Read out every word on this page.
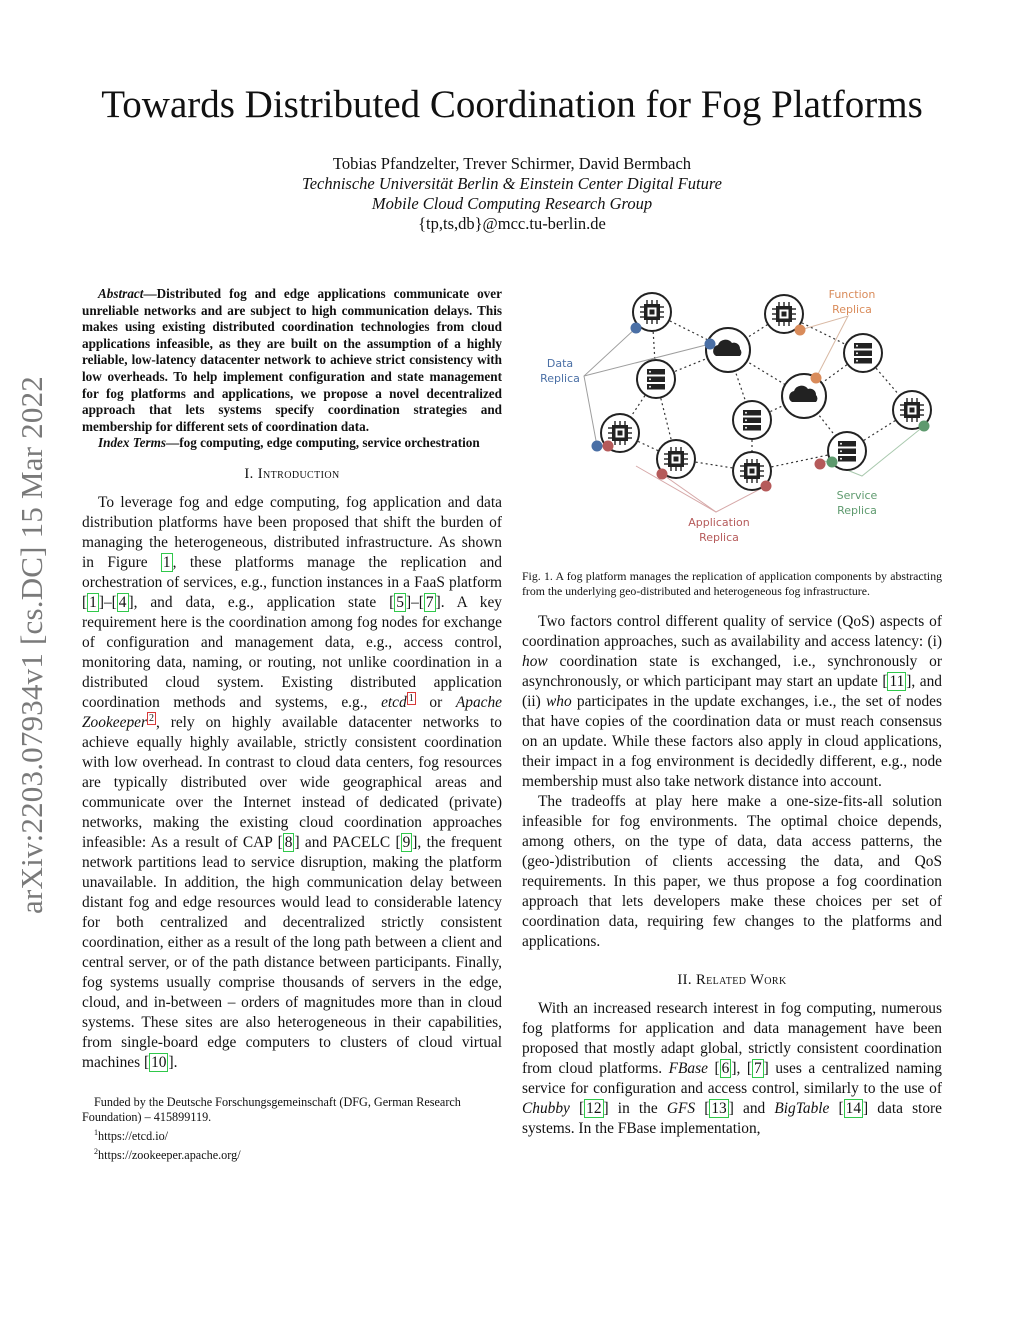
arXiv:2203.07934v1 [cs.DC] 15 Mar 2022
Towards Distributed Coordination for Fog Platforms
Tobias Pfandzelter, Trever Schirmer, David Bermbach
Technische Universität Berlin & Einstein Center Digital Future
Mobile Cloud Computing Research Group
{tp,ts,db}@mcc.tu-berlin.de

Abstract—Distributed fog and edge applications communicate over unreliable networks and are subject to high communication delays. This makes using existing distributed coordination technologies from cloud applications infeasible, as they are built on the assumption of a highly reliable, low-latency datacenter network to achieve strict consistency with low overheads. To help implement configuration and state management for fog platforms and applications, we propose a novel decentralized approach that lets systems specify coordination strategies and membership for different sets of coordination data.

Index Terms—fog computing, edge computing, service orchestration

I. Introduction

To leverage fog and edge computing, fog application and data distribution platforms have been proposed that shift the burden of managing the heterogeneous, distributed infrastructure. As shown in Figure 1 , these platforms manage the replication and orchestration of services, e.g., function instances in a FaaS platform [ 1 ]–[ 4 ], and data, e.g., application state [ 5 ]–[ 7 ]. A key requirement here is the coordination among fog nodes for exchange of configuration and management data, e.g., access control, monitoring data, naming, or routing, not unlike coordination in a distributed cloud system. Existing distributed application coordination methods and systems, e.g., etcd $^1$ or Apache Zookeeper $^2$ , rely on highly available datacenter networks to achieve equally highly available, strictly consistent coordination with low overhead. In contrast to cloud data centers, fog resources are typically distributed over wide geographical areas and communicate over the Internet instead of dedicated (private) networks, making the existing cloud coordination approaches infeasible: As a result of CAP [ 8 ] and PACELC [ 9 ], the frequent network partitions lead to service disruption, making the platform unavailable. In addition, the high communication delay between distant fog and edge resources would lead to considerable latency for both centralized and decentralized strictly consistent coordination, either as a result of the long path between a client and central server, or of the path distance between participants. Finally, fog systems usually comprise thousands of servers in the edge, cloud, and in-between – orders of magnitudes more than in cloud systems. These sites are also heterogeneous in their capabilities, from single-board edge computers to clusters of cloud virtual machines [ 10 ].

Funded by the Deutsche Forschungsgemeinschaft (DFG, German Research Foundation) – 415899119.

$^1$https://etcd.io/

$^2$https://zookeeper.apache.org/

Function
Replica
Data
Replica
Service
Replica
Application
Replica

Fig. 1. A fog platform manages the replication of application components by abstracting from the underlying geo-distributed and heterogeneous fog infrastructure.

Two factors control different quality of service (QoS) aspects of coordination approaches, such as availability and access latency: (i) how coordination state is exchanged, i.e., synchronously or asynchronously, or which participant may start an update [ 11 ], and (ii) who participates in the update exchanges, i.e., the set of nodes that have copies of the coordination data or must reach consensus on an update. While these factors also apply in cloud applications, their impact in a fog environment is decidedly different, e.g., node membership must also take network distance into account.

The tradeoffs at play here make a one-size-fits-all solution infeasible for fog environments. The optimal choice depends, among others, on the type of data, data access patterns, the (geo-)distribution of clients accessing the data, and QoS requirements. In this paper, we thus propose a fog coordination approach that lets developers make these choices per set of coordination data, requiring few changes to the platforms and applications.

II. Related Work

With an increased research interest in fog computing, numerous fog platforms for application and data management have been proposed that mostly adapt global, strictly consistent coordination from cloud platforms. FBase [ 6 ], [ 7 ] uses a centralized naming service for configuration and access control, similarly to the use of Chubby [ 12 ] in the GFS [ 13 ] and BigTable [ 14 ] data store systems. In the FBase implementation,
